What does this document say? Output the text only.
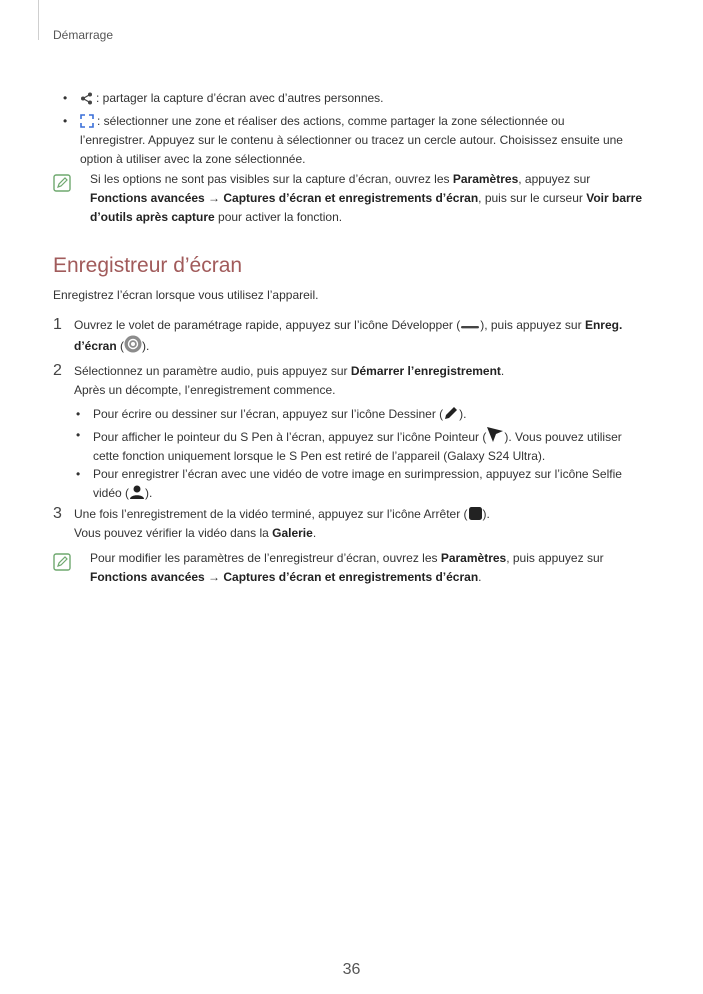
Démarrage
• : partager la capture d’écran avec d’autres personnes.
• : sélectionner une zone et réaliser des actions, comme partager la zone sélectionnée ou
l’enregistrer. Appuyez sur le contenu à sélectionner ou tracez un cercle autour. Choisissez ensuite une
option à utiliser avec la zone sélectionnée.
Si les options ne sont pas visibles sur la capture d’écran, ouvrez les Paramètres, appuyez sur
Fonctions avancées → Captures d’écran et enregistrements d’écran, puis sur le curseur Voir barre
d’outils après capture pour activer la fonction.
Enregistreur d’écran
Enregistrez l’écran lorsque vous utilisez l’appareil.
1 Ouvrez le volet de paramétrage rapide, appuyez sur l’icône Développer ( ), puis appuyez sur Enreg.
d’écran ( ).
2 Sélectionnez un paramètre audio, puis appuyez sur Démarrer l’enregistrement.
Après un décompte, l’enregistrement commence.
• Pour écrire ou dessiner sur l’écran, appuyez sur l’icône Dessiner ( ).
• Pour afficher le pointeur du S Pen à l’écran, appuyez sur l’icône Pointeur ( ). Vous pouvez utiliser
cette fonction uniquement lorsque le S Pen est retiré de l’appareil (Galaxy S24 Ultra).
• Pour enregistrer l’écran avec une vidéo de votre image en surimpression, appuyez sur l’icône Selfie
vidéo ( ).
3 Une fois l’enregistrement de la vidéo terminé, appuyez sur l’icône Arrêter ( ).
Vous pouvez vérifier la vidéo dans la Galerie.
Pour modifier les paramètres de l’enregistreur d’écran, ouvrez les Paramètres, puis appuyez sur
Fonctions avancées → Captures d’écran et enregistrements d’écran.
36
